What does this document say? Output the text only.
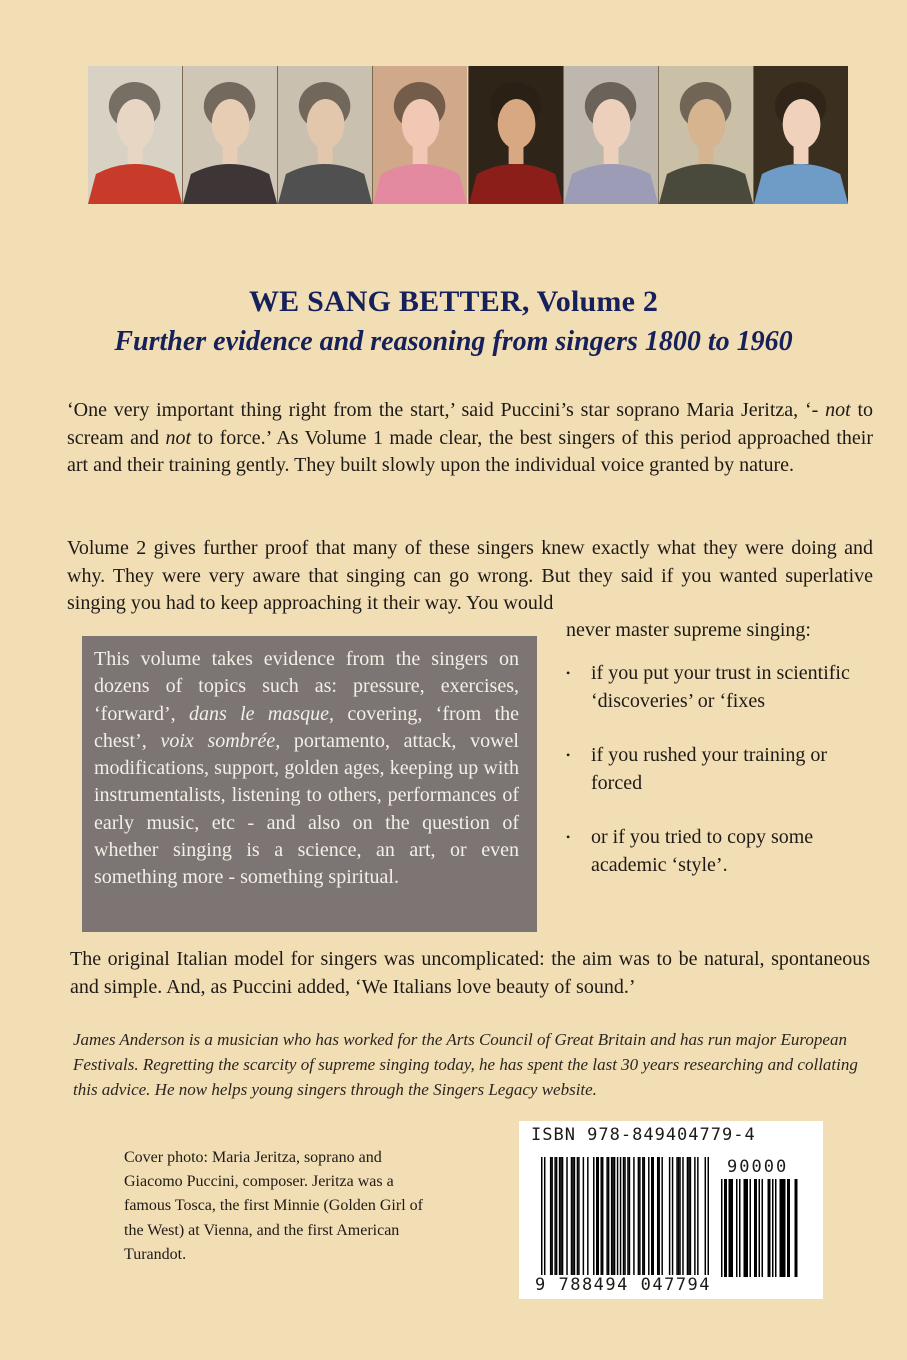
WE SANG BETTER, Volume 2
Further evidence and reasoning from singers 1800 to 1960
‘One very important thing right from the start,’ said Puccini’s star soprano Maria Jeritza, ‘- not to scream and not to force.’ As Volume 1 made clear, the best singers of this period approached their art and their training gently. They built slowly upon the individual voice granted by nature.
Volume 2 gives further proof that many of these singers knew exactly what they were doing and why. They were very aware that singing can go wrong. But they said if you wanted superlative singing you had to keep approaching it their way. You would
never master supreme singing:
This volume takes evidence from the singers on dozens of topics such as: pressure, exercises, ‘forward’, dans le masque, covering, ‘from the chest’, voix sombrée, portamento, attack, vowel modifications, support, golden ages, keeping up with instrumentalists, listening to others, performances of early music, etc - and also on the question of whether singing is a science, an art, or even something more - something spiritual.
• if you put your trust in scientific ‘discoveries’ or ‘fixes
• if you rushed your training or forced
• or if you tried to copy some academic ‘style’.
The original Italian model for singers was uncomplicated: the aim was to be natural, spontaneous and simple. And, as Puccini added, ‘We Italians love beauty of sound.’
James Anderson is a musician who has worked for the Arts Council of Great Britain and has run major European Festivals. Regretting the scarcity of supreme singing today, he has spent the last 30 years researching and collating this advice. He now helps young singers through the Singers Legacy website.
Cover photo: Maria Jeritza, soprano and Giacomo Puccini, composer. Jeritza was a famous Tosca, the first Minnie (Golden Girl of the West) at Vienna, and the first American Turandot.
ISBN 978-849404779-4
90000
9 788494 047794
